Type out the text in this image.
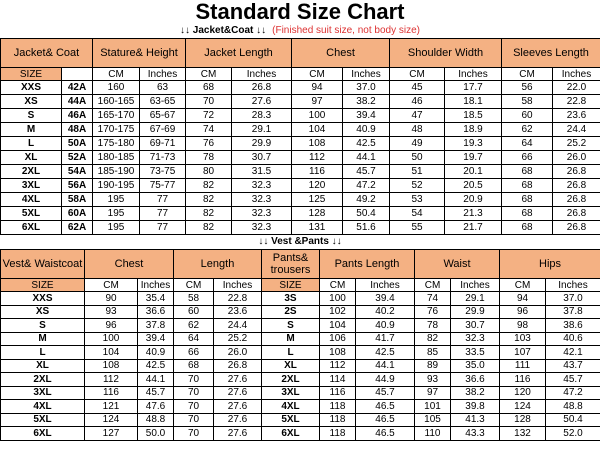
Standard Size Chart
↓↓ Jacket&Coat ↓↓ (Finished suit size, not body size)
Jacket& Coat		Stature& Height		Jacket Length		Chest		Shoulder Width		Sleeves Length	
SIZE		CM	Inches	CM	Inches	CM	Inches	CM	Inches	CM	Inches
XXS	42A	160	63	68	26.8	94	37.0	45	17.7	56	22.0
XS	44A	160-165	63-65	70	27.6	97	38.2	46	18.1	58	22.8
S	46A	165-170	65-67	72	28.3	100	39.4	47	18.5	60	23.6
M	48A	170-175	67-69	74	29.1	104	40.9	48	18.9	62	24.4
L	50A	175-180	69-71	76	29.9	108	42.5	49	19.3	64	25.2
XL	52A	180-185	71-73	78	30.7	112	44.1	50	19.7	66	26.0
2XL	54A	185-190	73-75	80	31.5	116	45.7	51	20.1	68	26.8
3XL	56A	190-195	75-77	82	32.3	120	47.2	52	20.5	68	26.8
4XL	58A	195	77	82	32.3	125	49.2	53	20.9	68	26.8
5XL	60A	195	77	82	32.3	128	50.4	54	21.3	68	26.8
6XL	62A	195	77	82	32.3	131	51.6	55	21.7	68	26.8
↓↓ Vest &Pants ↓↓
Vest& Waistcoat	Chest		Length		Pants& trousers	Pants Length		Waist		Hips	
SIZE	CM	Inches	CM	Inches	SIZE	CM	Inches	CM	Inches	CM	Inches
XXS	90	35.4	58	22.8	3S	100	39.4	74	29.1	94	37.0
XS	93	36.6	60	23.6	2S	102	40.2	76	29.9	96	37.8
S	96	37.8	62	24.4	S	104	40.9	78	30.7	98	38.6
M	100	39.4	64	25.2	M	106	41.7	82	32.3	103	40.6
L	104	40.9	66	26.0	L	108	42.5	85	33.5	107	42.1
XL	108	42.5	68	26.8	XL	112	44.1	89	35.0	111	43.7
2XL	112	44.1	70	27.6	2XL	114	44.9	93	36.6	116	45.7
3XL	116	45.7	70	27.6	3XL	116	45.7	97	38.2	120	47.2
4XL	121	47.6	70	27.6	4XL	118	46.5	101	39.8	124	48.8
5XL	124	48.8	70	27.6	5XL	118	46.5	105	41.3	128	50.4
6XL	127	50.0	70	27.6	6XL	118	46.5	110	43.3	132	52.0
